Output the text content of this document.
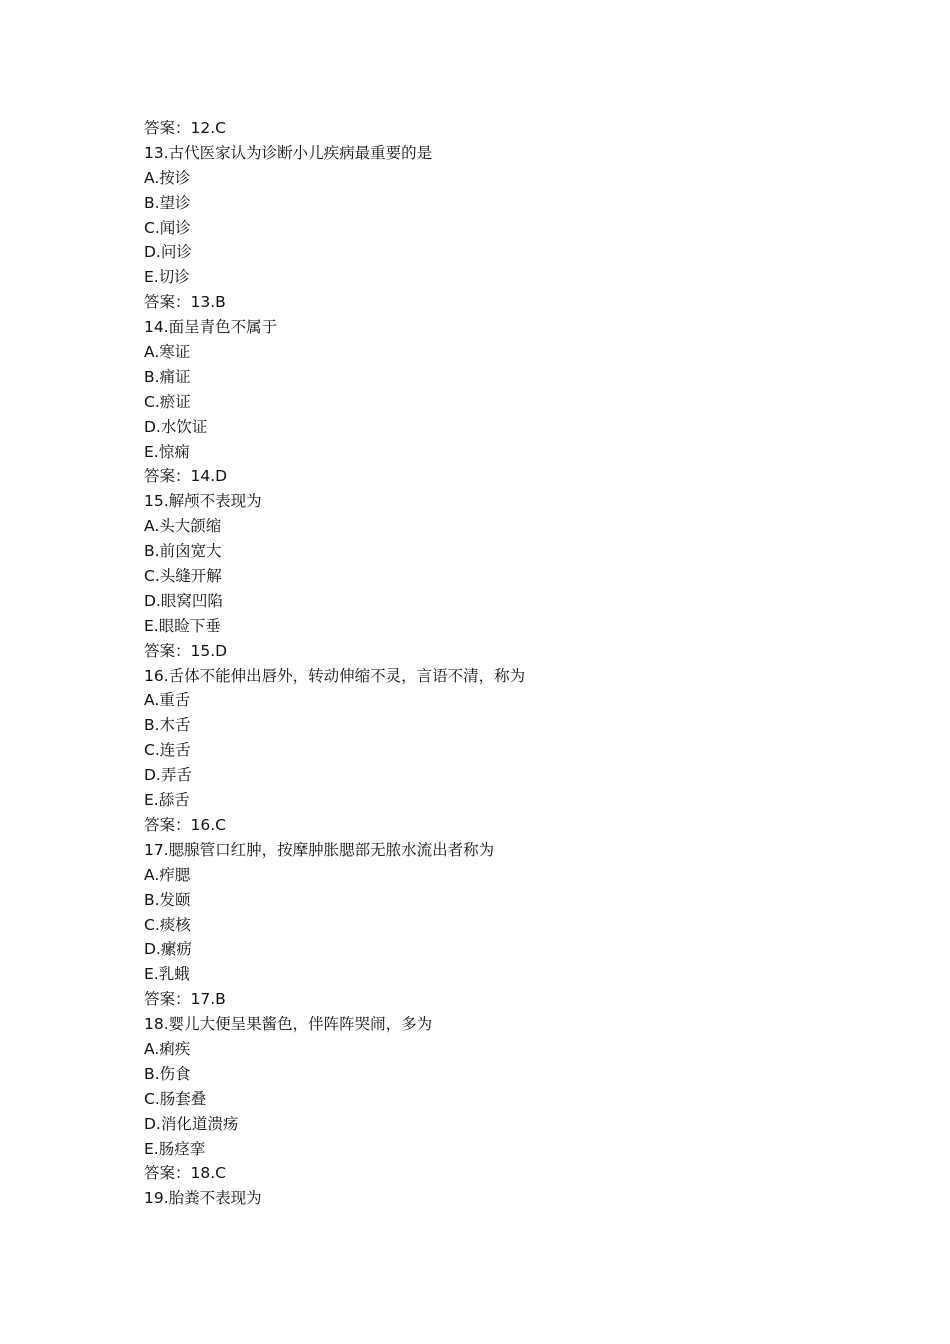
答案：12.C
13.古代医家认为诊断小儿疾病最重要的是
A.按诊
B.望诊
C.闻诊
D.问诊
E.切诊
答案：13.B
14.面呈青色不属于
A.寒证
B.痛证
C.瘀证
D.水饮证
E.惊痫
答案：14.D
15.解颅不表现为
A.头大颌缩
B.前囟宽大
C.头缝开解
D.眼窝凹陷
E.眼睑下垂
答案：15.D
16.舌体不能伸出唇外，转动伸缩不灵，言语不清，称为
A.重舌
B.木舌
C.连舌
D.弄舌
E.舔舌
答案：16.C
17.腮腺管口红肿，按摩肿胀腮部无脓水流出者称为
A.痄腮
B.发颐
C.痰核
D.瘰疬
E.乳蛾
答案：17.B
18.婴儿大便呈果酱色，伴阵阵哭闹，多为
A.痢疾
B.伤食
C.肠套叠
D.消化道溃疡
E.肠痉挛
答案：18.C
19.胎粪不表现为
